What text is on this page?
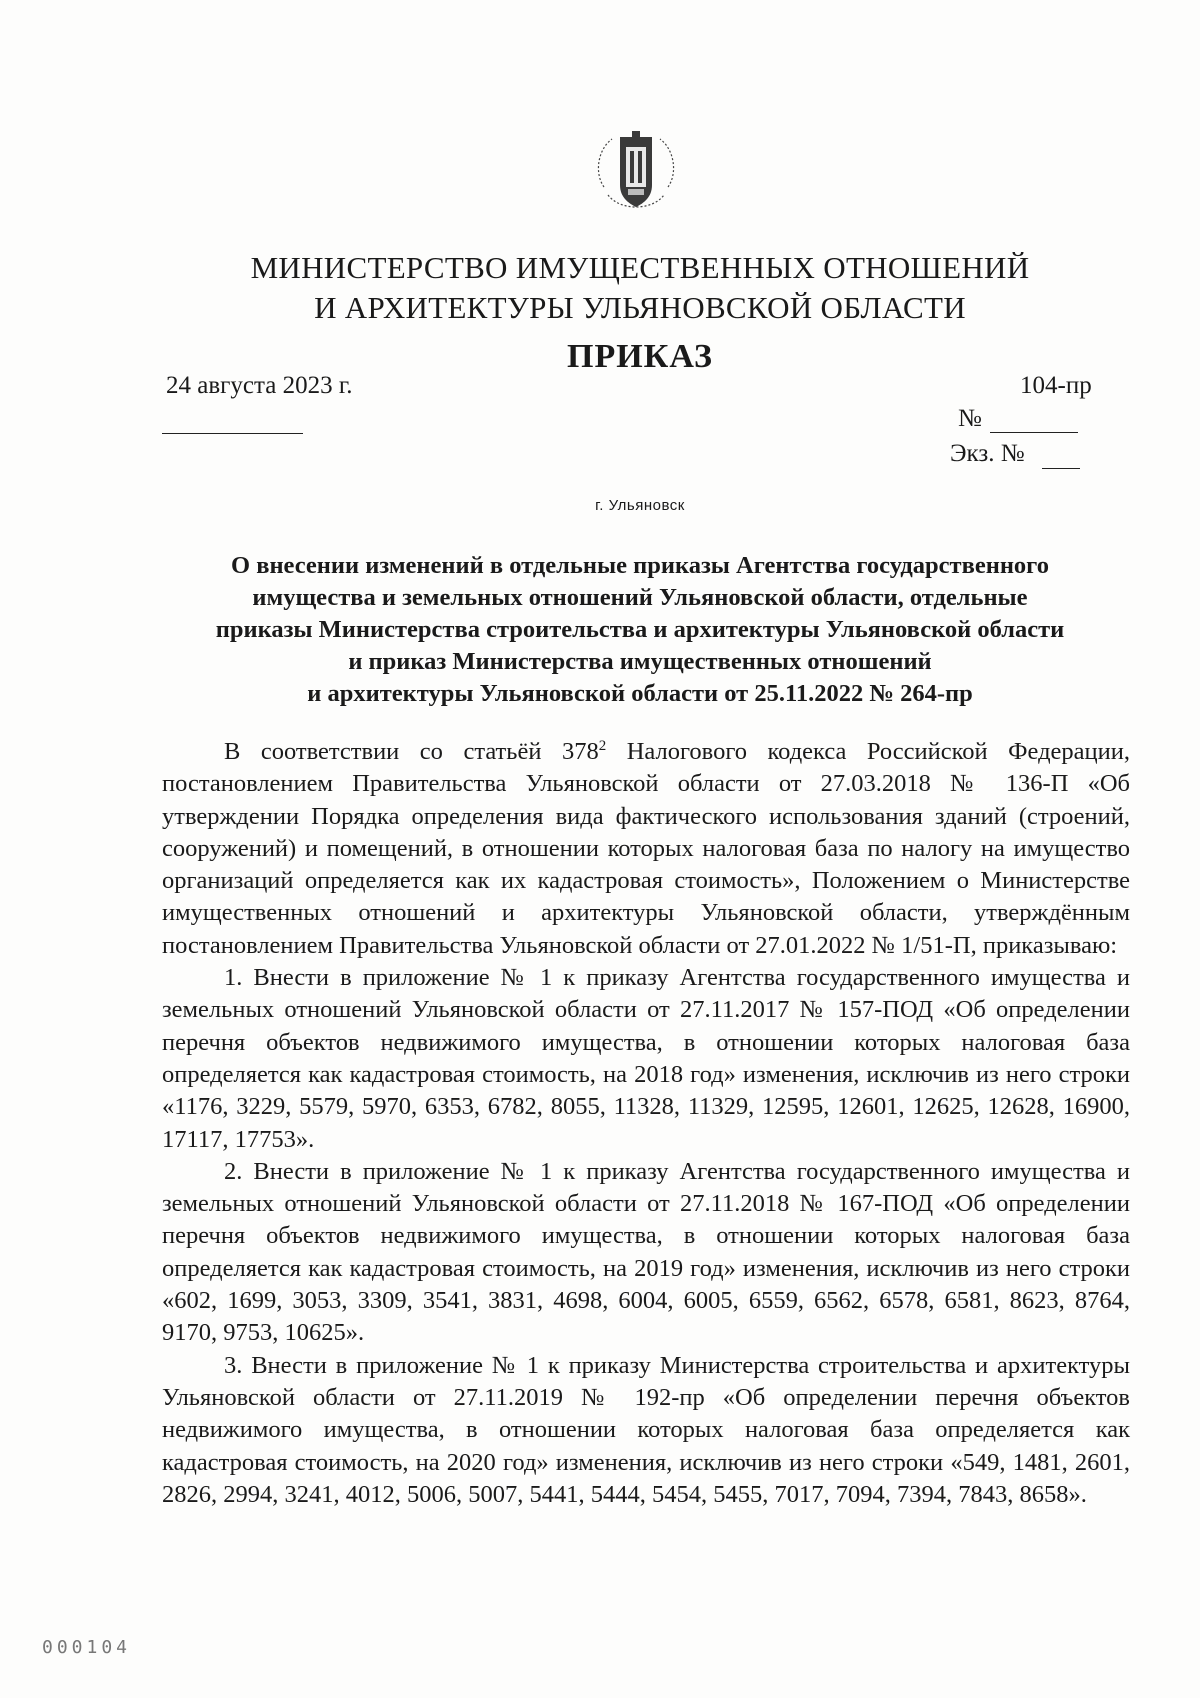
МИНИСТЕРСТВО ИМУЩЕСТВЕННЫХ ОТНОШЕНИЙ
И АРХИТЕКТУРЫ УЛЬЯНОВСКОЙ ОБЛАСТИ
ПРИКАЗ
24 августа 2023 г.	104-пр
№
Экз. №
г. Ульяновск
О внесении изменений в отдельные приказы Агентства государственного
имущества и земельных отношений Ульяновской области, отдельные
приказы Министерства строительства и архитектуры Ульяновской области
и приказ Министерства имущественных отношений
и архитектуры Ульяновской области от 25.11.2022 № 264-пр

В соответствии со статьёй $378^2$ Налогового кодекса Российской Федерации, постановлением Правительства Ульяновской области от 27.03.2018 № 136-П «Об утверждении Порядка определения вида фактического использования зданий (строений, сооружений) и помещений, в отношении которых налоговая база по налогу на имущество организаций определяется как их кадастровая стоимость», Положением о Министерстве имущественных отношений и архитектуры Ульяновской области, утверждённым постановлением Правительства Ульяновской области от 27.01.2022 № 1/51-П, приказываю:

1. Внести в приложение № 1 к приказу Агентства государственного имущества и земельных отношений Ульяновской области от 27.11.2017 № 157-ПОД «Об определении перечня объектов недвижимого имущества, в отношении которых налоговая база определяется как кадастровая стоимость, на 2018 год» изменения, исключив из него строки «1176, 3229, 5579, 5970, 6353, 6782, 8055, 11328, 11329, 12595, 12601, 12625, 12628, 16900, 17117, 17753».

2. Внести в приложение № 1 к приказу Агентства государственного имущества и земельных отношений Ульяновской области от 27.11.2018 № 167-ПОД «Об определении перечня объектов недвижимого имущества, в отношении которых налоговая база определяется как кадастровая стоимость, на 2019 год» изменения, исключив из него строки «602, 1699, 3053, 3309, 3541, 3831, 4698, 6004, 6005, 6559, 6562, 6578, 6581, 8623, 8764, 9170, 9753, 10625».

3. Внести в приложение № 1 к приказу Министерства строительства и архитектуры Ульяновской области от 27.11.2019 № 192-пр «Об определении перечня объектов недвижимого имущества, в отношении которых налоговая база определяется как кадастровая стоимость, на 2020 год» изменения, исключив из него строки «549, 1481, 2601, 2826, 2994, 3241, 4012, 5006, 5007, 5441, 5444, 5454, 5455, 7017, 7094, 7394, 7843, 8658».

000104
